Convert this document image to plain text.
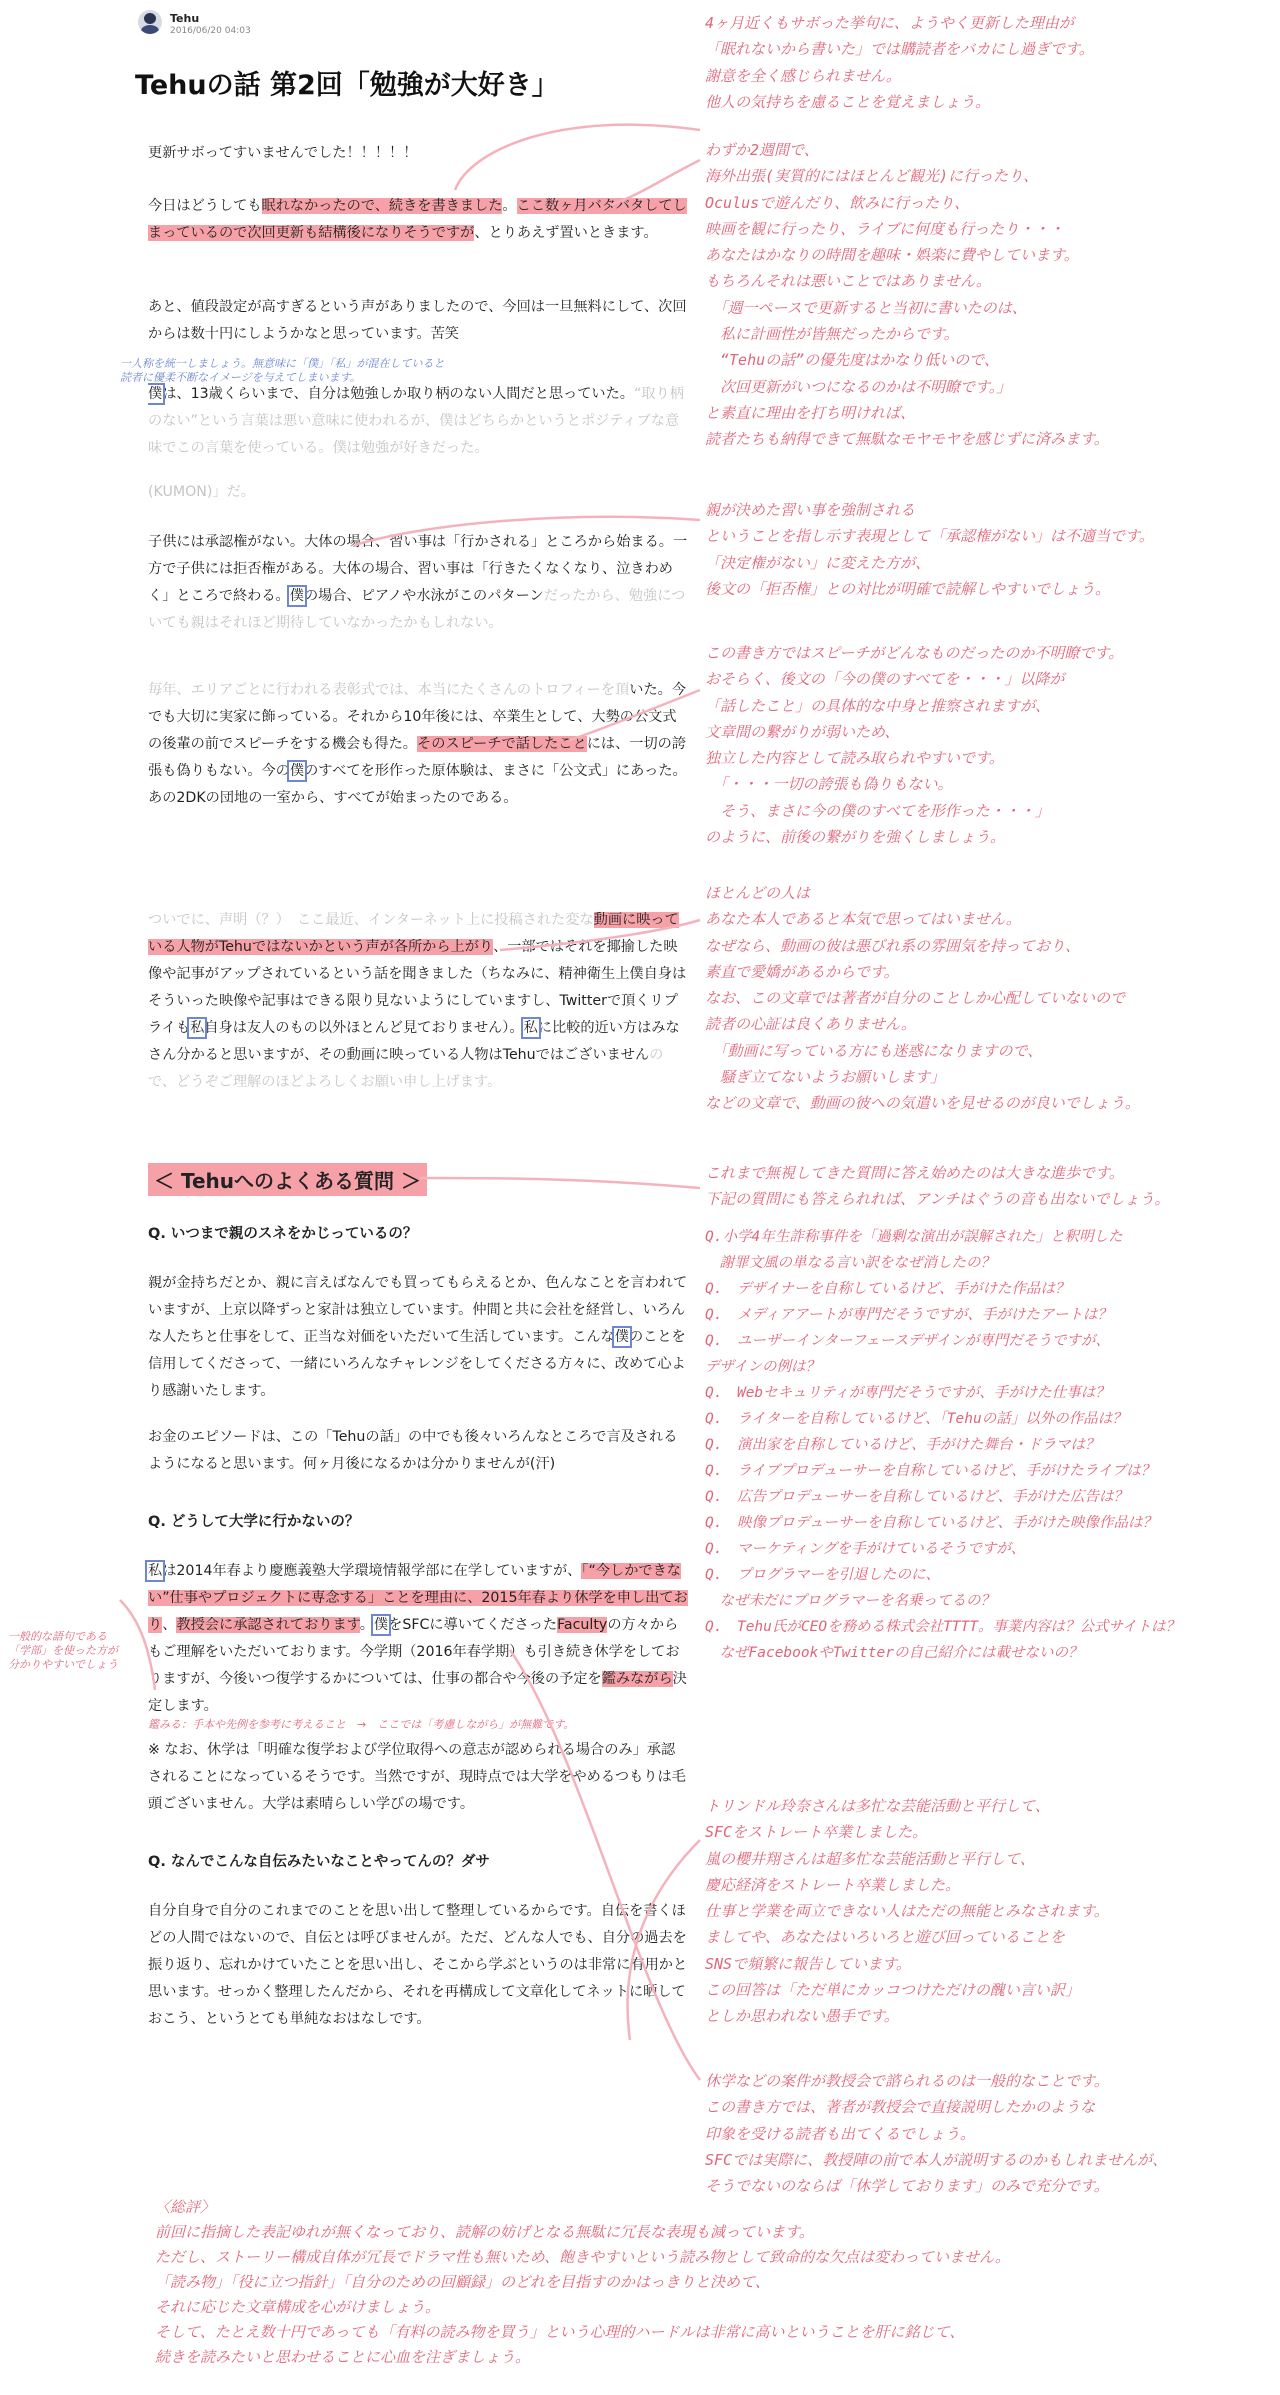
Tehu
2016/06/20 04:03
Tehuの話 第2回「勉強が大好き」
更新サボってすいませんでした！！！！！
今日はどうしても眠れなかったので、続きを書きました。ここ数ヶ月バタバタしてしまっているので次回更新も結構後になりそうですが、とりあえず置いときます。
あと、値段設定が高すぎるという声がありましたので、今回は一旦無料にして、次回からは数十円にしようかなと思っています。苦笑
僕は、13歳くらいまで、自分は勉強しか取り柄のない人間だと思っていた。“取り柄のない”という言葉は悪い意味に使われるが、僕はどちらかというとポジティブな意味でこの言葉を使っている。僕は勉強が好きだった。
(KUMON)」だ。
子供には承認権がない。大体の場合、習い事は「行かされる」ところから始まる。一方で子供には拒否権がある。大体の場合、習い事は「行きたくなくなり、泣きわめく」ところで終わる。僕の場合、ピアノや水泳がこのパターンだったから、勉強についても親はそれほど期待していなかったかもしれない。
毎年、エリアごとに行われる表彰式では、本当にたくさんのトロフィーを頂いた。今でも大切に実家に飾っている。それから10年後には、卒業生として、大勢の公文式の後輩の前でスピーチをする機会も得た。そのスピーチで話したことには、一切の誇張も偽りもない。今の僕のすべてを形作った原体験は、まさに「公文式」にあった。あの2DKの団地の一室から、すべてが始まったのである。
ついでに、声明（？）　ここ最近、インターネット上に投稿された変な動画に映っている人物がTehuではないかという声が各所から上がり、一部ではそれを揶揄した映像や記事がアップされているという話を聞きました（ちなみに、精神衛生上僕自身はそういった映像や記事はできる限り見ないようにしていますし、Twitterで頂くリプライも私自身は友人のもの以外ほとんど見ておりません）。私に比較的近い方はみなさん分かると思いますが、その動画に映っている人物はTehuではございませんので、どうぞご理解のほどよろしくお願い申し上げます。
＜ Tehuへのよくある質問 ＞
Q. いつまで親のスネをかじっているの？
親が金持ちだとか、親に言えばなんでも買ってもらえるとか、色んなことを言われていますが、上京以降ずっと家計は独立しています。仲間と共に会社を経営し、いろんな人たちと仕事をして、正当な対価をいただいて生活しています。こんな僕のことを信用してくださって、一緒にいろんなチャレンジをしてくださる方々に、改めて心より感謝いたします。
お金のエピソードは、この「Tehuの話」の中でも後々いろんなところで言及されるようになると思います。何ヶ月後になるかは分かりませんが(汗)
Q. どうして大学に行かないの？
私は2014年春より慶應義塾大学環境情報学部に在学していますが、「“今しかできない”仕事やプロジェクトに専念する」ことを理由に、2015年春より休学を申し出ており、教授会に承認されております。僕をSFCに導いてくださったFacultyの方々からもご理解をいただいております。今学期（2016年春学期）も引き続き休学をしておりますが、今後いつ復学するかについては、仕事の都合や今後の予定を鑑みながら決定します。
鑑みる：手本や先例を参考に考えること　→　ここでは「考慮しながら」が無難です。
※ なお、休学は「明確な復学および学位取得への意志が認められる場合のみ」承認されることになっているそうです。当然ですが、現時点では大学をやめるつもりは毛頭ございません。大学は素晴らしい学びの場です。
Q. なんでこんな自伝みたいなことやってんの？ダサ
自分自身で自分のこれまでのことを思い出して整理しているからです。自伝を書くほどの人間ではないので、自伝とは呼びませんが。ただ、どんな人でも、自分の過去を振り返り、忘れかけていたことを思い出し、そこから学ぶというのは非常に有用かと思います。せっかく整理したんだから、それを再構成して文章化してネットに晒しておこう、というとても単純なおはなしです。
一人称を統一しましょう。無意味に「僕」「私」が混在していると
読者に優柔不断なイメージを与えてしまいます。
一般的な語句である
「学部」を使った方が
分かりやすいでしょう
4ヶ月近くもサボった挙句に、ようやく更新した理由が
「眠れないから書いた」では購読者をバカにし過ぎです。
謝意を全く感じられません。
他人の気持ちを慮ることを覚えましょう。
わずか2週間で、
海外出張(実質的にはほとんど観光)に行ったり、
Oculusで遊んだり、飲みに行ったり、
映画を観に行ったり、ライブに何度も行ったり・・・
あなたはかなりの時間を趣味・娯楽に費やしています。
もちろんそれは悪いことではありません。
　「週一ペースで更新すると当初に書いたのは、
　私に計画性が皆無だったからです。
　“Tehuの話”の優先度はかなり低いので、
　次回更新がいつになるのかは不明瞭です。」
と素直に理由を打ち明ければ、
読者たちも納得できて無駄なモヤモヤを感じずに済みます。
親が決めた習い事を強制される
ということを指し示す表現として「承認権がない」は不適当です。
「決定権がない」に変えた方が、
後文の「拒否権」との対比が明確で読解しやすいでしょう。
この書き方ではスピーチがどんなものだったのか不明瞭です。
おそらく、後文の「今の僕のすべてを・・・」以降が
「話したこと」の具体的な中身と推察されますが、
文章間の繋がりが弱いため、
独立した内容として読み取られやすいです。
　「・・・一切の誇張も偽りもない。
　そう、まさに今の僕のすべてを形作った・・・」
のように、前後の繋がりを強くしましょう。
ほとんどの人は
あなた本人であると本気で思ってはいません。
なぜなら、動画の彼は悪びれ系の雰囲気を持っており、
素直で愛嬌があるからです。
なお、この文章では著者が自分のことしか心配していないので
読者の心証は良くありません。
　「動画に写っている方にも迷惑になりますので、
　騒ぎ立てないようお願いします」
などの文章で、動画の彼への気遣いを見せるのが良いでしょう。
これまで無視してきた質問に答え始めたのは大きな進歩です。
下記の質問にも答えられれば、アンチはぐうの音も出ないでしょう。
Q.小学4年生詐称事件を「過剰な演出が誤解された」と釈明した
　謝罪文風の単なる言い訳をなぜ消したの？
Q.　デザイナーを自称しているけど、手がけた作品は？
Q.　メディアアートが専門だそうですが、手がけたアートは？
Q.　ユーザーインターフェースデザインが専門だそうですが、
デザインの例は？
Q.　Webセキュリティが専門だそうですが、手がけた仕事は？
Q.　ライターを自称しているけど、「Tehuの話」以外の作品は？
Q.　演出家を自称しているけど、手がけた舞台・ドラマは？
Q.　ライブプロデューサーを自称しているけど、手がけたライブは？
Q.　広告プロデューサーを自称しているけど、手がけた広告は？
Q.　映像プロデューサーを自称しているけど、手がけた映像作品は？
Q.　マーケティングを手がけているそうですが、
Q.　プログラマーを引退したのに、
　なぜ未だにプログラマーを名乗ってるの？
Q.　Tehu氏がCEOを務める株式会社TTTT。事業内容は？公式サイトは？
　なぜFacebookやTwitterの自己紹介には載せないの？
トリンドル玲奈さんは多忙な芸能活動と平行して、
SFCをストレート卒業しました。
嵐の櫻井翔さんは超多忙な芸能活動と平行して、
慶応経済をストレート卒業しました。
仕事と学業を両立できない人はただの無能とみなされます。
ましてや、あなたはいろいろと遊び回っていることを
SNSで頻繁に報告しています。
この回答は「ただ単にカッコつけただけの醜い言い訳」
としか思われない愚手です。
休学などの案件が教授会で諮られるのは一般的なことです。
この書き方では、著者が教授会で直接説明したかのような
印象を受ける読者も出てくるでしょう。
SFCでは実際に、教授陣の前で本人が説明するのかもしれませんが、
そうでないのならば「休学しております」のみで充分です。
〈総評〉
前回に指摘した表記ゆれが無くなっており、読解の妨げとなる無駄に冗長な表現も減っています。
ただし、ストーリー構成自体が冗長でドラマ性も無いため、飽きやすいという読み物として致命的な欠点は変わっていません。
「読み物」「役に立つ指針」「自分のための回顧録」のどれを目指すのかはっきりと決めて、
それに応じた文章構成を心がけましょう。
そして、たとえ数十円であっても「有料の読み物を買う」という心理的ハードルは非常に高いということを肝に銘じて、
続きを読みたいと思わせることに心血を注ぎましょう。
